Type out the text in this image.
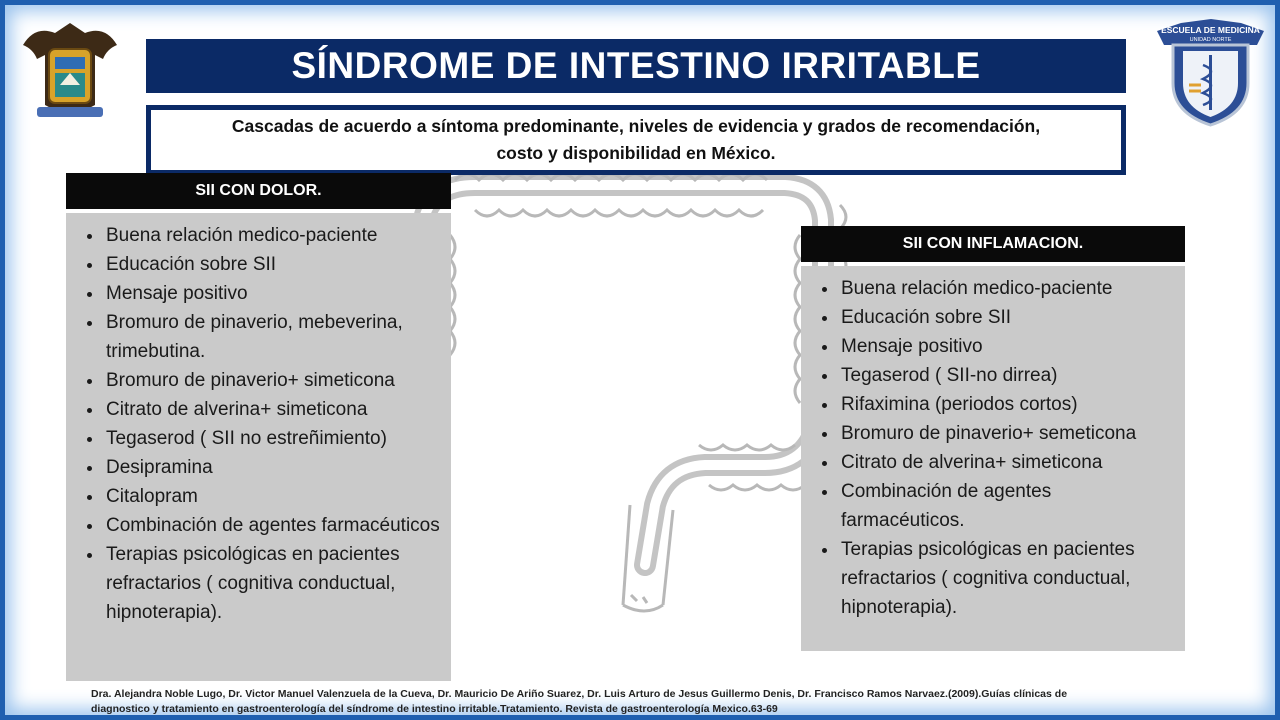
ESCUELA DE MEDICINA
UNIDAD NORTE
SÍNDROME DE INTESTINO IRRITABLE
Cascadas de acuerdo a síntoma predominante, niveles de evidencia y grados de recomendación,
costo y disponibilidad en México.
SII CON DOLOR.
• Buena relación medico-paciente
• Educación sobre SII
• Mensaje positivo
• Bromuro de pinaverio, mebeverina, trimebutina.
• Bromuro de pinaverio+ simeticona
• Citrato de alverina+ simeticona
• Tegaserod ( SII no estreñimiento)
• Desipramina
• Citalopram
• Combinación de agentes farmacéuticos
• Terapias psicológicas en pacientes refractarios ( cognitiva conductual, hipnoterapia).
SII CON INFLAMACION.
• Buena relación medico-paciente
• Educación sobre SII
• Mensaje positivo
• Tegaserod ( SII-no dirrea)
• Rifaximina (periodos cortos)
• Bromuro de pinaverio+ semeticona
• Citrato de alverina+ simeticona
• Combinación de agentes farmacéuticos.
• Terapias psicológicas en pacientes refractarios ( cognitiva conductual, hipnoterapia).
Dra. Alejandra Noble Lugo, Dr. Victor Manuel Valenzuela de la Cueva, Dr. Mauricio De Ariño Suarez, Dr. Luis Arturo de Jesus Guillermo Denis, Dr. Francisco Ramos Narvaez.(2009).Guías clínicas de
diagnostico y tratamiento en gastroenterología del síndrome de intestino irritable.Tratamiento. Revista de gastroenterología Mexico.63-69
